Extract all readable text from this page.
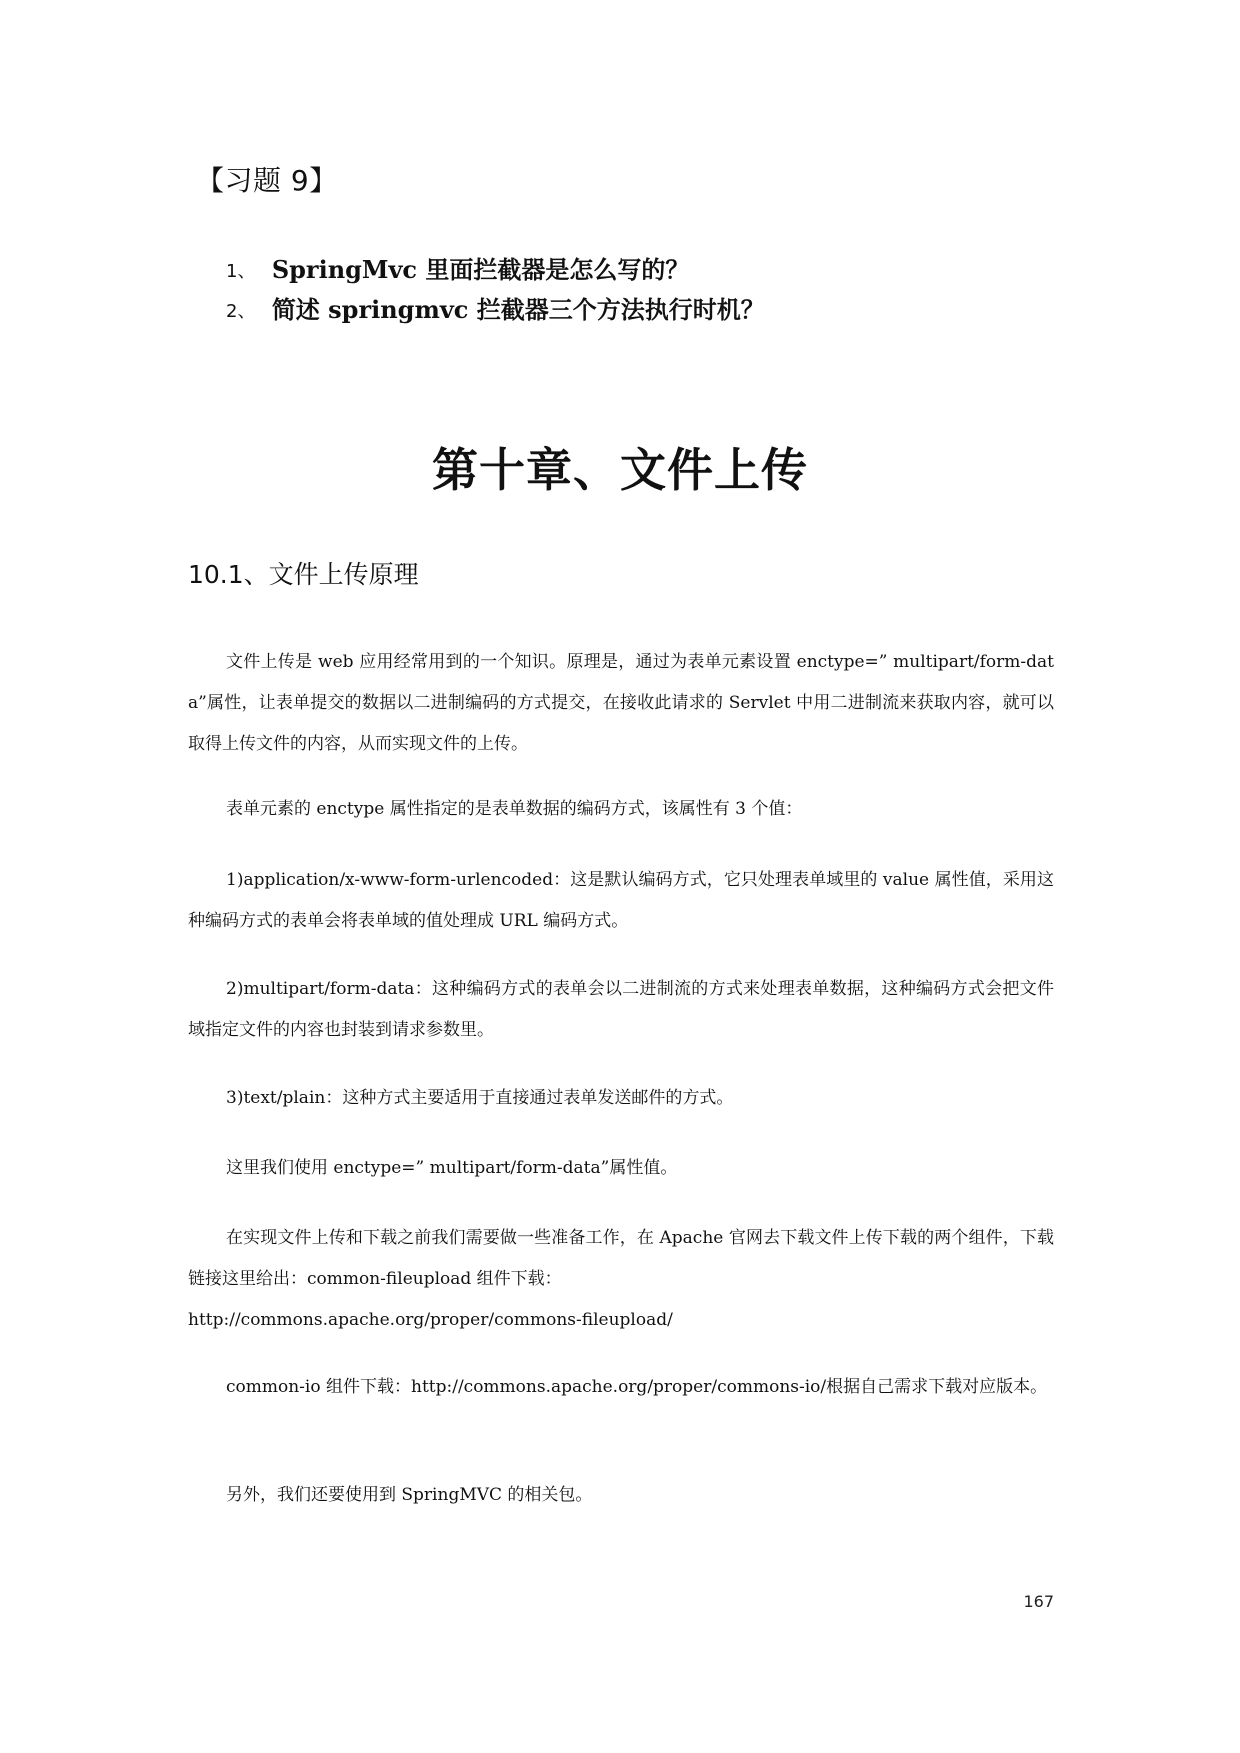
【习题 9】
1、 SpringMvc 里面拦截器是怎么写的？
2、 简述 springmvc 拦截器三个方法执行时机？
第十章、文件上传
10.1、文件上传原理
文件上传是 web 应用经常用到的一个知识。原理是，通过为表单元素设置 enctype=” multipart/form-data”属性，让表单提交的数据以二进制编码的方式提交，在接收此请求的 Servlet 中用二进制流来获取内容，就可以取得上传文件的内容，从而实现文件的上传。
表单元素的 enctype 属性指定的是表单数据的编码方式，该属性有 3 个值：
1)application/x-www-form-urlencoded：这是默认编码方式，它只处理表单域里的 value 属性值，采用这种编码方式的表单会将表单域的值处理成 URL 编码方式。
2)multipart/form-data：这种编码方式的表单会以二进制流的方式来处理表单数据，这种编码方式会把文件域指定文件的内容也封装到请求参数里。
3)text/plain：这种方式主要适用于直接通过表单发送邮件的方式。
这里我们使用 enctype=” multipart/form-data”属性值。
在实现文件上传和下载之前我们需要做一些准备工作，在 Apache 官网去下载文件上传下载的两个组件，下载链接这里给出：common-fileupload 组件下载：
http://commons.apache.org/proper/commons-fileupload/
common-io 组件下载：http://commons.apache.org/proper/commons-io/根据自己需求下载对应版本。
另外，我们还要使用到 SpringMVC 的相关包。
167
